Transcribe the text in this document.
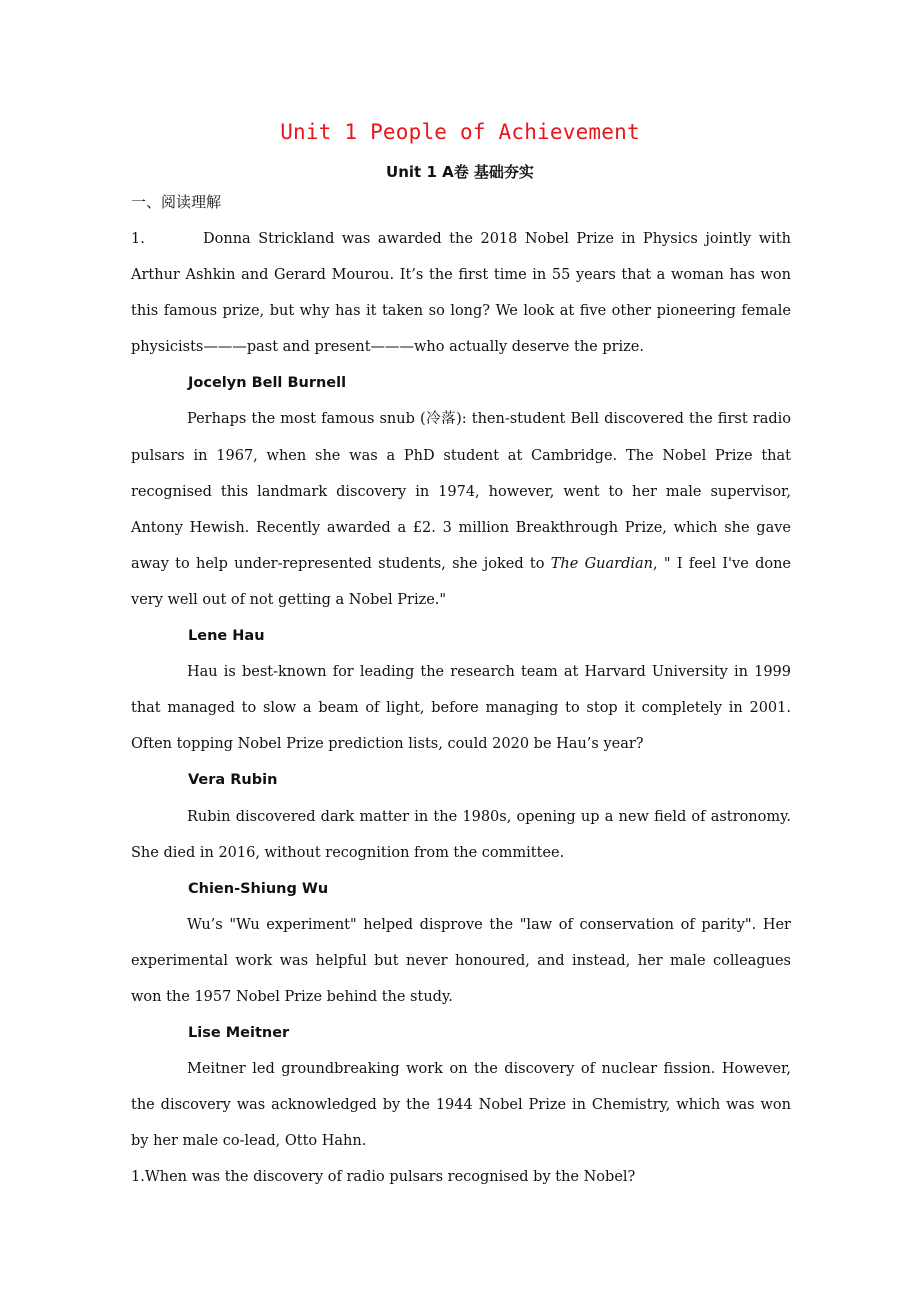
Unit 1 People of Achievement
Unit 1 A卷 基础夯实
一、阅读理解

1.	Donna Strickland was awarded the 2018 Nobel Prize in Physics jointly with Arthur Ashkin and Gerard Mourou. It’s the first time in 55 years that a woman has won this famous prize, but why has it taken so long? We look at five other pioneering female physicists———past and present———who actually deserve the prize.

Jocelyn Bell Burnell

Perhaps the most famous snub (冷落): then-student Bell discovered the first radio pulsars in 1967, when she was a PhD student at Cambridge. The Nobel Prize that recognised this landmark discovery in 1974, however, went to her male supervisor, Antony Hewish. Recently awarded a £2. 3 million Breakthrough Prize, which she gave away to help under-represented students, she joked to The Guardian, " I feel I've done very well out of not getting a Nobel Prize."

Lene Hau

Hau is best-known for leading the research team at Harvard University in 1999 that managed to slow a beam of light, before managing to stop it completely in 2001. Often topping Nobel Prize prediction lists, could 2020 be Hau’s year?

Vera Rubin

Rubin discovered dark matter in the 1980s, opening up a new field of astronomy. She died in 2016, without recognition from the committee.

Chien-Shiung Wu

Wu’s "Wu experiment" helped disprove the "law of conservation of parity". Her experimental work was helpful but never honoured, and instead, her male colleagues won the 1957 Nobel Prize behind the study.

Lise Meitner

Meitner led groundbreaking work on the discovery of nuclear fission. However, the discovery was acknowledged by the 1944 Nobel Prize in Chemistry, which was won by her male co-lead, Otto Hahn.

1.When was the discovery of radio pulsars recognised by the Nobel?
